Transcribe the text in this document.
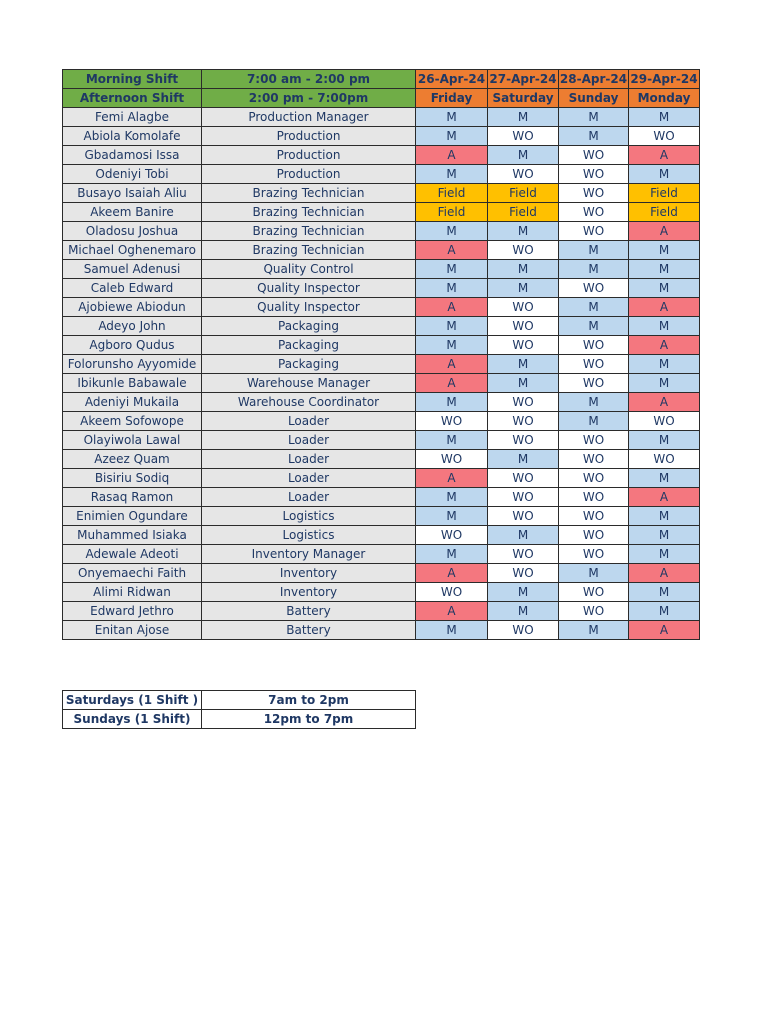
Morning Shift	7:00 am - 2:00 pm	26-Apr-24	27-Apr-24	28-Apr-24	29-Apr-24
Afternoon Shift	2:00 pm - 7:00pm	Friday	Saturday	Sunday	Monday
Femi Alagbe	Production Manager	M	M	M	M
Abiola Komolafe	Production	M	WO	M	WO
Gbadamosi Issa	Production	A	M	WO	A
Odeniyi Tobi	Production	M	WO	WO	M
Busayo Isaiah Aliu	Brazing Technician	Field	Field	WO	Field
Akeem Banire	Brazing Technician	Field	Field	WO	Field
Oladosu Joshua	Brazing Technician	M	M	WO	A
Michael Oghenemaro	Brazing Technician	A	WO	M	M
Samuel Adenusi	Quality Control	M	M	M	M
Caleb Edward	Quality Inspector	M	M	WO	M
Ajobiewe Abiodun	Quality Inspector	A	WO	M	A
Adeyo John	Packaging	M	WO	M	M
Agboro Qudus	Packaging	M	WO	WO	A
Folorunsho Ayyomide	Packaging	A	M	WO	M
Ibikunle Babawale	Warehouse Manager	A	M	WO	M
Adeniyi Mukaila	Warehouse Coordinator	M	WO	M	A
Akeem Sofowope	Loader	WO	WO	M	WO
Olayiwola Lawal	Loader	M	WO	WO	M
Azeez Quam	Loader	WO	M	WO	WO
Bisiriu Sodiq	Loader	A	WO	WO	M
Rasaq Ramon	Loader	M	WO	WO	A
Enimien Ogundare	Logistics	M	WO	WO	M
Muhammed Isiaka	Logistics	WO	M	WO	M
Adewale Adeoti	Inventory Manager	M	WO	WO	M
Onyemaechi Faith	Inventory	A	WO	M	A
Alimi Ridwan	Inventory	WO	M	WO	M
Edward Jethro	Battery	A	M	WO	M
Enitan Ajose	Battery	M	WO	M	A
Saturdays (1 Shift )	7am to 2pm
Sundays (1 Shift)	12pm to 7pm
